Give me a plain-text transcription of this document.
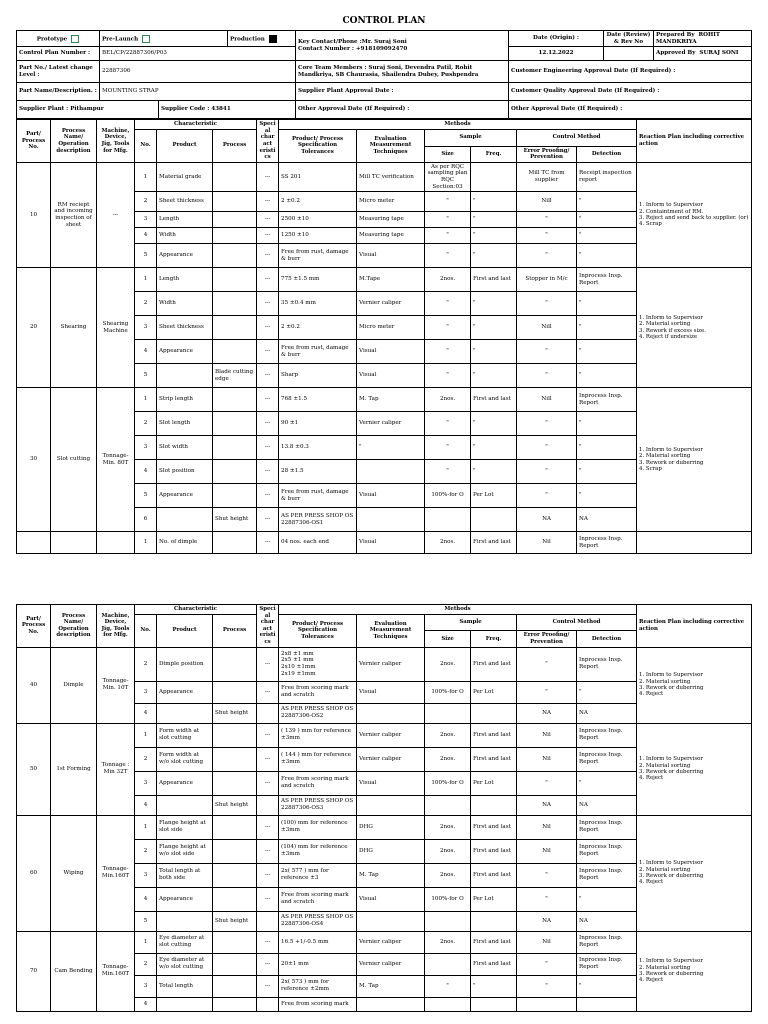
CONTROL PLAN							
Prototype	Pre-Launch		Production	Key Contact/Phone :Mr. Suraj Soni
Contact Number : +918109092470	Date (Origin) :	Date (Review) & Rev No	Prepared By ROHIT MANDKRIYA
Control Plan Number :	BEL/CP/22887306/P03				12.12.2022		Approved By SURAJ SONI
Part No./ Latest change Level :	22887306			Core Team Members : Suraj Soni, Devendra Patil, Rohit Mandkriya, SB Chaurasia, Shailendra Dubey, Pushpendra	Customer Engineering Approval Date (If Required) :		
Part Name/Description. :	MOUNTING STRAP			Supplier Plant Approval Date :	Customer Quality Approval Date (If Required) :		
Supplier Plant : Pithampur		Supplier Code : 43841		Other Approval Date (If Required) :	Other Approval Date (If Required) :		
Part/ Process No.	Process Name/ Operation description	Machine, Device, Jig, Tools for Mfg.	Characteristic			Special charact eristics	Methods						Reaction Plan including corrective action
			No.	Product	Process		Product/ Process Specification Tolerances	Evaluation Measurement Techniques	Sample		Control Method		
									Size	Freq.	Error Proofing/ Prevention	Detection	
10	RM reciept and incoming inspection of sheet	---	1	Material grade		---	SS 201	Mill TC verification	As per RQC sampling plan RQC Section:03		Mill TC from supplier	Receipt inspection report	1. Inform to Supervisor
2. Containtment of RM.
3. Reject and send back to supplier. (or)
4. Scrap
			2	Sheet thickness		---	2 ±0.2	Micro meter	"	"	Nill	"	
			3	Length		---	2500 ±10	Measuring tape	"	"	"	"	
			4	Width		---	1250 ±10	Measuring tape	"	"	"	"	
			5	Appearance		---	Free from rust, damage & burr	Visual	"	"	"	"	
20	Shearing	Shearing Machine	1	Length		---	775 ±1.5 mm	M.Tape	2nos.	First and last	Stopper in M/c	Inprocess Insp. Report	1. Inform to Supervisor
2. Material sorting
3. Rework if excess size.
4. Reject if undersize
			2	Width		---	35 ±0.4 mm	Vernier caliper	"	"	"	"	
			3	Sheet thickness		---	2 ±0.2	Micro meter	"	"	Nill	"	
			4	Appearance		---	Free from rust, damage & burr	Visual	"	"	"	"	
			5		Blade cutting edge	---	Sharp	Visual	"	"	"	"	
30	Slot cutting	Tonnage- Min. 80T	1	Strip length		---	768 ±1.5	M. Tap	2nos.	First and last	Nill	Inprocess Insp. Report	1. Inform to Supervisor
2. Material sorting
3. Rework or duberring
4. Scrap
			2	Slot length		---	90 ±1	Vernier caliper	"	"	"	"	
			3	Slot width		---	13.8 ±0.3	"	"	"	"	"	
			4	Slot position		---	28 ±1.5		"	"	"	"	
			5	Appearance		---	Free from rust, damage & burr	Visual	100%-for O	Per Lot	"	"	
			6		Shut height	---	AS PER PRESS SHOP OS 22887306-OS1				NA	NA	
			1	No. of dimple		---	04 nos. each end	Visual	2nos.	First and last	Nil	Inprocess Insp. Report	
Part/ Process No.	Process Name/ Operation description	Machine, Device, Jig, Tools for Mfg.	Characteristic			Special charact eristics	Methods						Reaction Plan including corrective action
			No.	Product	Process		Product/ Process Specification Tolerances	Evaluation Measurement Techniques	Sample		Control Method		
									Size	Freq.	Error Proofing/ Prevention	Detection	
40	Dimple	Tonnage- Min. 10T	2	Dimple position		---	2x8 ±1 mm
2x5 ±1 mm
2x10 ±1mm
2x19 ±1mm	Vernier caliper	2nos.	First and last	"	Inprocess Insp. Report	1. Inform to Supervisor
2. Material sorting
3. Rework or duberring
4. Reject
			3	Appearance		---	Free from scoring mark and scratch	Visual	100%-for O	Per Lot	"	"	
			4		Shut height		AS PER PRESS SHOP OS 22887306-OS2				NA	NA	
50	1st Forming	Tonnage : Min 32T	1	Form width at slot cutting		---	( 139 ) mm for reference ±3mm	Vernier caliper	2nos.	First and last	Nil	Inprocess Insp. Report	1. Inform to Supervisor
2. Material sorting
3. Rework or duberring
4. Reject
			2	Form width at w/o slot cutting		---	( 144 ) mm for reference ±3mm	Vernier caliper	2nos.	First and last	Nil	Inprocess Insp. Report	
			3	Appearance		---	Free from scoring mark and scratch	Visual	100%-for O	Per Lot	"	"	
			4		Shut height		AS PER PRESS SHOP OS 22887306-OS3				NA	NA	
60	Wiping	Tonnage- Min.160T	1	Flange height at slot side		---	(100) mm for reference ±3mm	DHG	2nos.	First and last	Nil	Inprocess Insp. Report	1. Inform to Supervisor
2. Material sorting
3. Rework or duberring
4. Reject
			2	Flange height at w/o slot side		---	(104) mm for reference ±3mm	DHG	2nos.	First and last	Nil	Inprocess Insp. Report	
			3	Total length at both side		---	2x( 577 ) mm for reference ±3	M. Tap	2nos.	First and last	"	Inprocess Insp. Report	
			4	Appearance		---	Free from scoring mark and scratch	Visual	100%-for O	Per Lot	"	"	
			5		Shut height		AS PER PRESS SHOP OS 22887306-OS4				NA	NA	
70	Cam Bending	Tonnage- Min.160T	1	Eye diameter at slot cutting		---	16.5 +1/-0.5 mm	Vernier caliper	2nos.	First and last	Nil	Inprocess Insp. Report	1. Inform to Supervisor
2. Material sorting
3. Rework or duberring
4. Reject
			2	Eye diameter at w/o slot cutting		---	20±1 mm	Vernier caliper		First and last	"	Inprocess Insp. Report	
			3	Total length		---	2x( 573 ) mm for reference ±2mm	M. Tap	"	"	"	"	
			4				Free from scoring mark						
